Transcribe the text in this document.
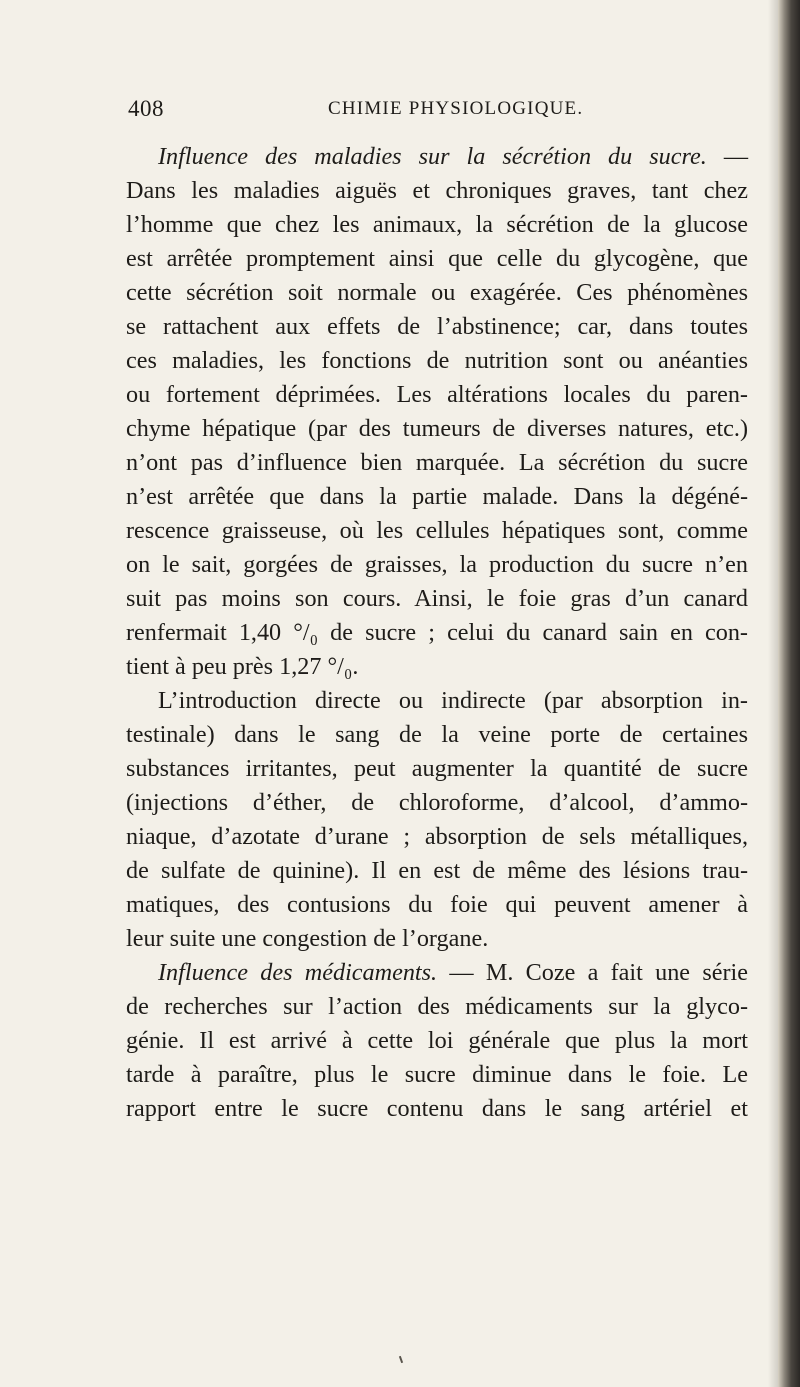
408	CHIMIE PHYSIOLOGIQUE.
Influence des maladies sur la sécrétion du sucre. —
Dans les maladies aiguës et chroniques graves, tant chez
l’homme que chez les animaux, la sécrétion de la glucose
est arrêtée promptement ainsi que celle du glycogène, que
cette sécrétion soit normale ou exagérée. Ces phénomènes
se rattachent aux effets de l’abstinence; car, dans toutes
ces maladies, les fonctions de nutrition sont ou anéanties
ou fortement déprimées. Les altérations locales du paren-
chyme hépatique (par des tumeurs de diverses natures, etc.)
n’ont pas d’influence bien marquée. La sécrétion du sucre
n’est arrêtée que dans la partie malade. Dans la dégéné-
rescence graisseuse, où les cellules hépatiques sont, comme
on le sait, gorgées de graisses, la production du sucre n’en
suit pas moins son cours. Ainsi, le foie gras d’un canard
renfermait 1,40 °/₀ de sucre ; celui du canard sain en con-
tient à peu près 1,27 °/₀.
L’introduction directe ou indirecte (par absorption in-
testinale) dans le sang de la veine porte de certaines
substances irritantes, peut augmenter la quantité de sucre
(injections d’éther, de chloroforme, d’alcool, d’ammo-
niaque, d’azotate d’urane ; absorption de sels métalliques,
de sulfate de quinine). Il en est de même des lésions trau-
matiques, des contusions du foie qui peuvent amener à
leur suite une congestion de l’organe.
Influence des médicaments. — M. Coze a fait une série
de recherches sur l’action des médicaments sur la glyco-
génie. Il est arrivé à cette loi générale que plus la mort
tarde à paraître, plus le sucre diminue dans le foie. Le
rapport entre le sucre contenu dans le sang artériel et
